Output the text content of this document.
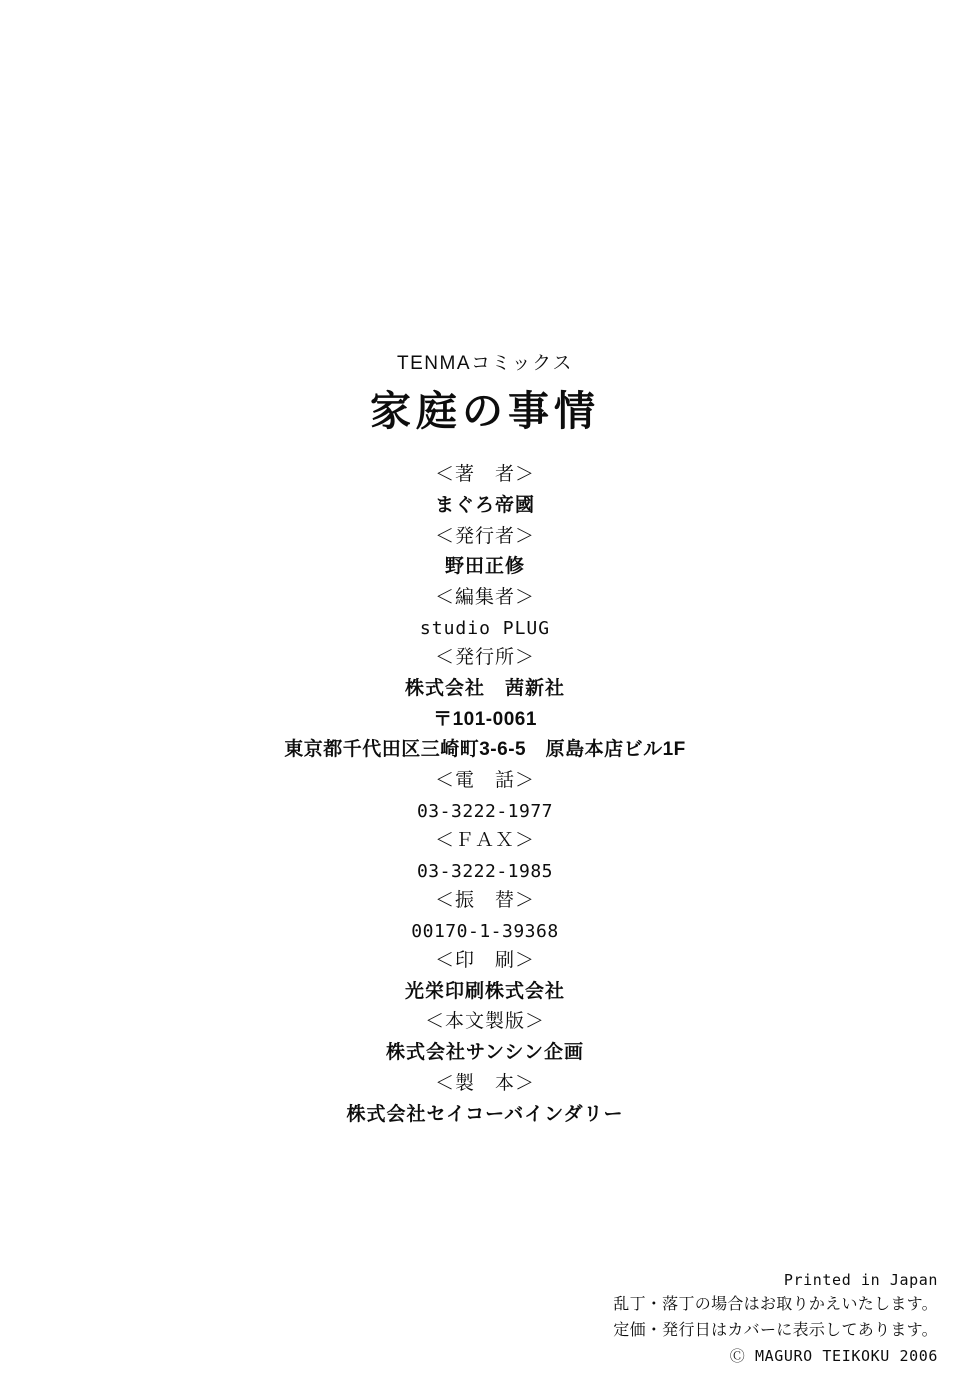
TENMAコミックス
家庭の事情
＜著　者＞
まぐろ帝國
＜発行者＞
野田正修
＜編集者＞
studio PLUG
＜発行所＞
株式会社　茜新社
〒101-0061
東京都千代田区三崎町3-6-5　原島本店ビル1F
＜電　話＞
03-3222-1977
＜ＦＡＸ＞
03-3222-1985
＜振　替＞
00170-1-39368
＜印　刷＞
光栄印刷株式会社
＜本文製版＞
株式会社サンシン企画
＜製　本＞
株式会社セイコーバインダリー
Printed in Japan
乱丁・落丁の場合はお取りかえいたします。
定価・発行日はカバーに表示してあります。
Ⓒ MAGURO TEIKOKU 2006
